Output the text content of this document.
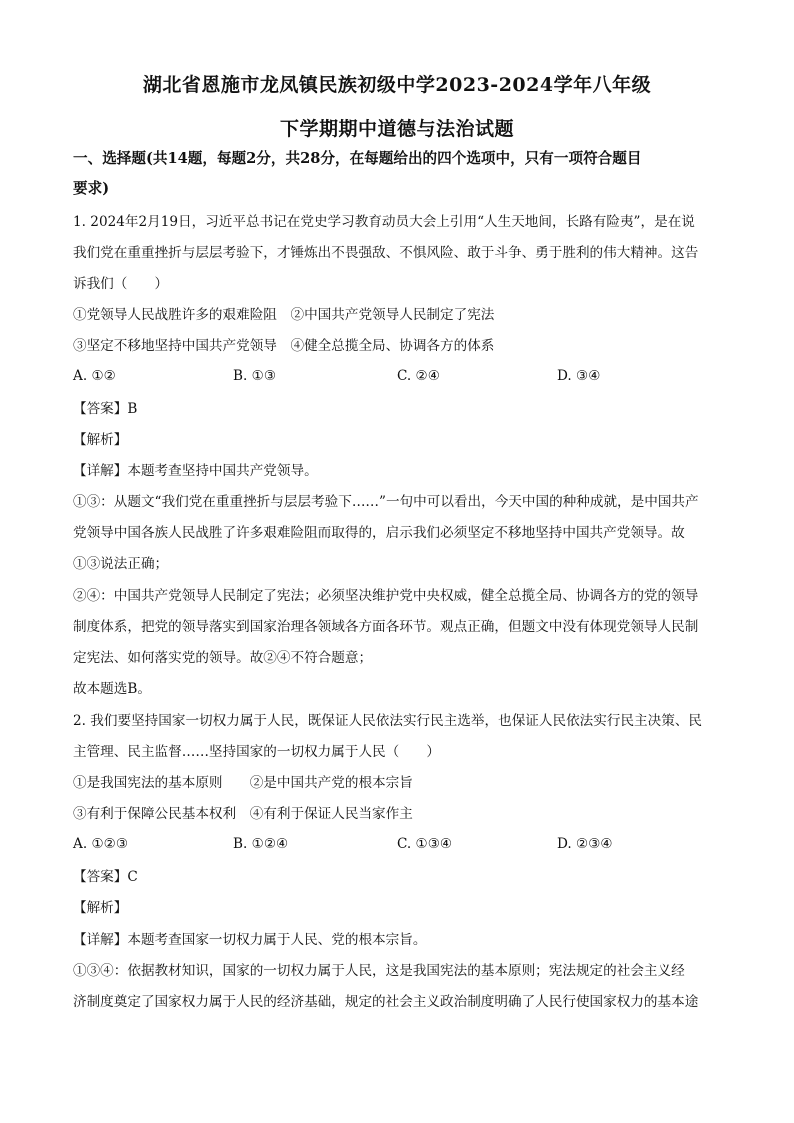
湖北省恩施市龙凤镇民族初级中学2023-2024学年八年级
下学期期中道德与法治试题
一、选择题(共14题，每题2分，共28分，在每题给出的四个选项中，只有一项符合题目
要求)
1. 2024年2月19日，习近平总书记在党史学习教育动员大会上引用“人生天地间，长路有险夷”，是在说
我们党在重重挫折与层层考验下，才锤炼出不畏强敌、不惧风险、敢于斗争、勇于胜利的伟大精神。这告
诉我们（　　）
①党领导人民战胜许多的艰难险阻　②中国共产党领导人民制定了宪法
③坚定不移地坚持中国共产党领导　④健全总揽全局、协调各方的体系
A. ①②	B. ①③	C. ②④	D. ③④
【答案】B
【解析】
【详解】本题考查坚持中国共产党领导。
①③：从题文“我们党在重重挫折与层层考验下……”一句中可以看出，今天中国的种种成就，是中国共产
党领导中国各族人民战胜了许多艰难险阻而取得的，启示我们必须坚定不移地坚持中国共产党领导。故
①③说法正确；
②④：中国共产党领导人民制定了宪法；必须坚决维护党中央权威，健全总揽全局、协调各方的党的领导
制度体系，把党的领导落实到国家治理各领域各方面各环节。观点正确，但题文中没有体现党领导人民制
定宪法、如何落实党的领导。故②④不符合题意；
故本题选B。
2. 我们要坚持国家一切权力属于人民，既保证人民依法实行民主选举，也保证人民依法实行民主决策、民
主管理、民主监督……坚持国家的一切权力属于人民（　　）
①是我国宪法的基本原则　　②是中国共产党的根本宗旨
③有利于保障公民基本权利　④有利于保证人民当家作主
A. ①②③	B. ①②④	C. ①③④	D. ②③④
【答案】C
【解析】
【详解】本题考查国家一切权力属于人民、党的根本宗旨。
①③④：依据教材知识，国家的一切权力属于人民，这是我国宪法的基本原则；宪法规定的社会主义经
济制度奠定了国家权力属于人民的经济基础，规定的社会主义政治制度明确了人民行使国家权力的基本途
